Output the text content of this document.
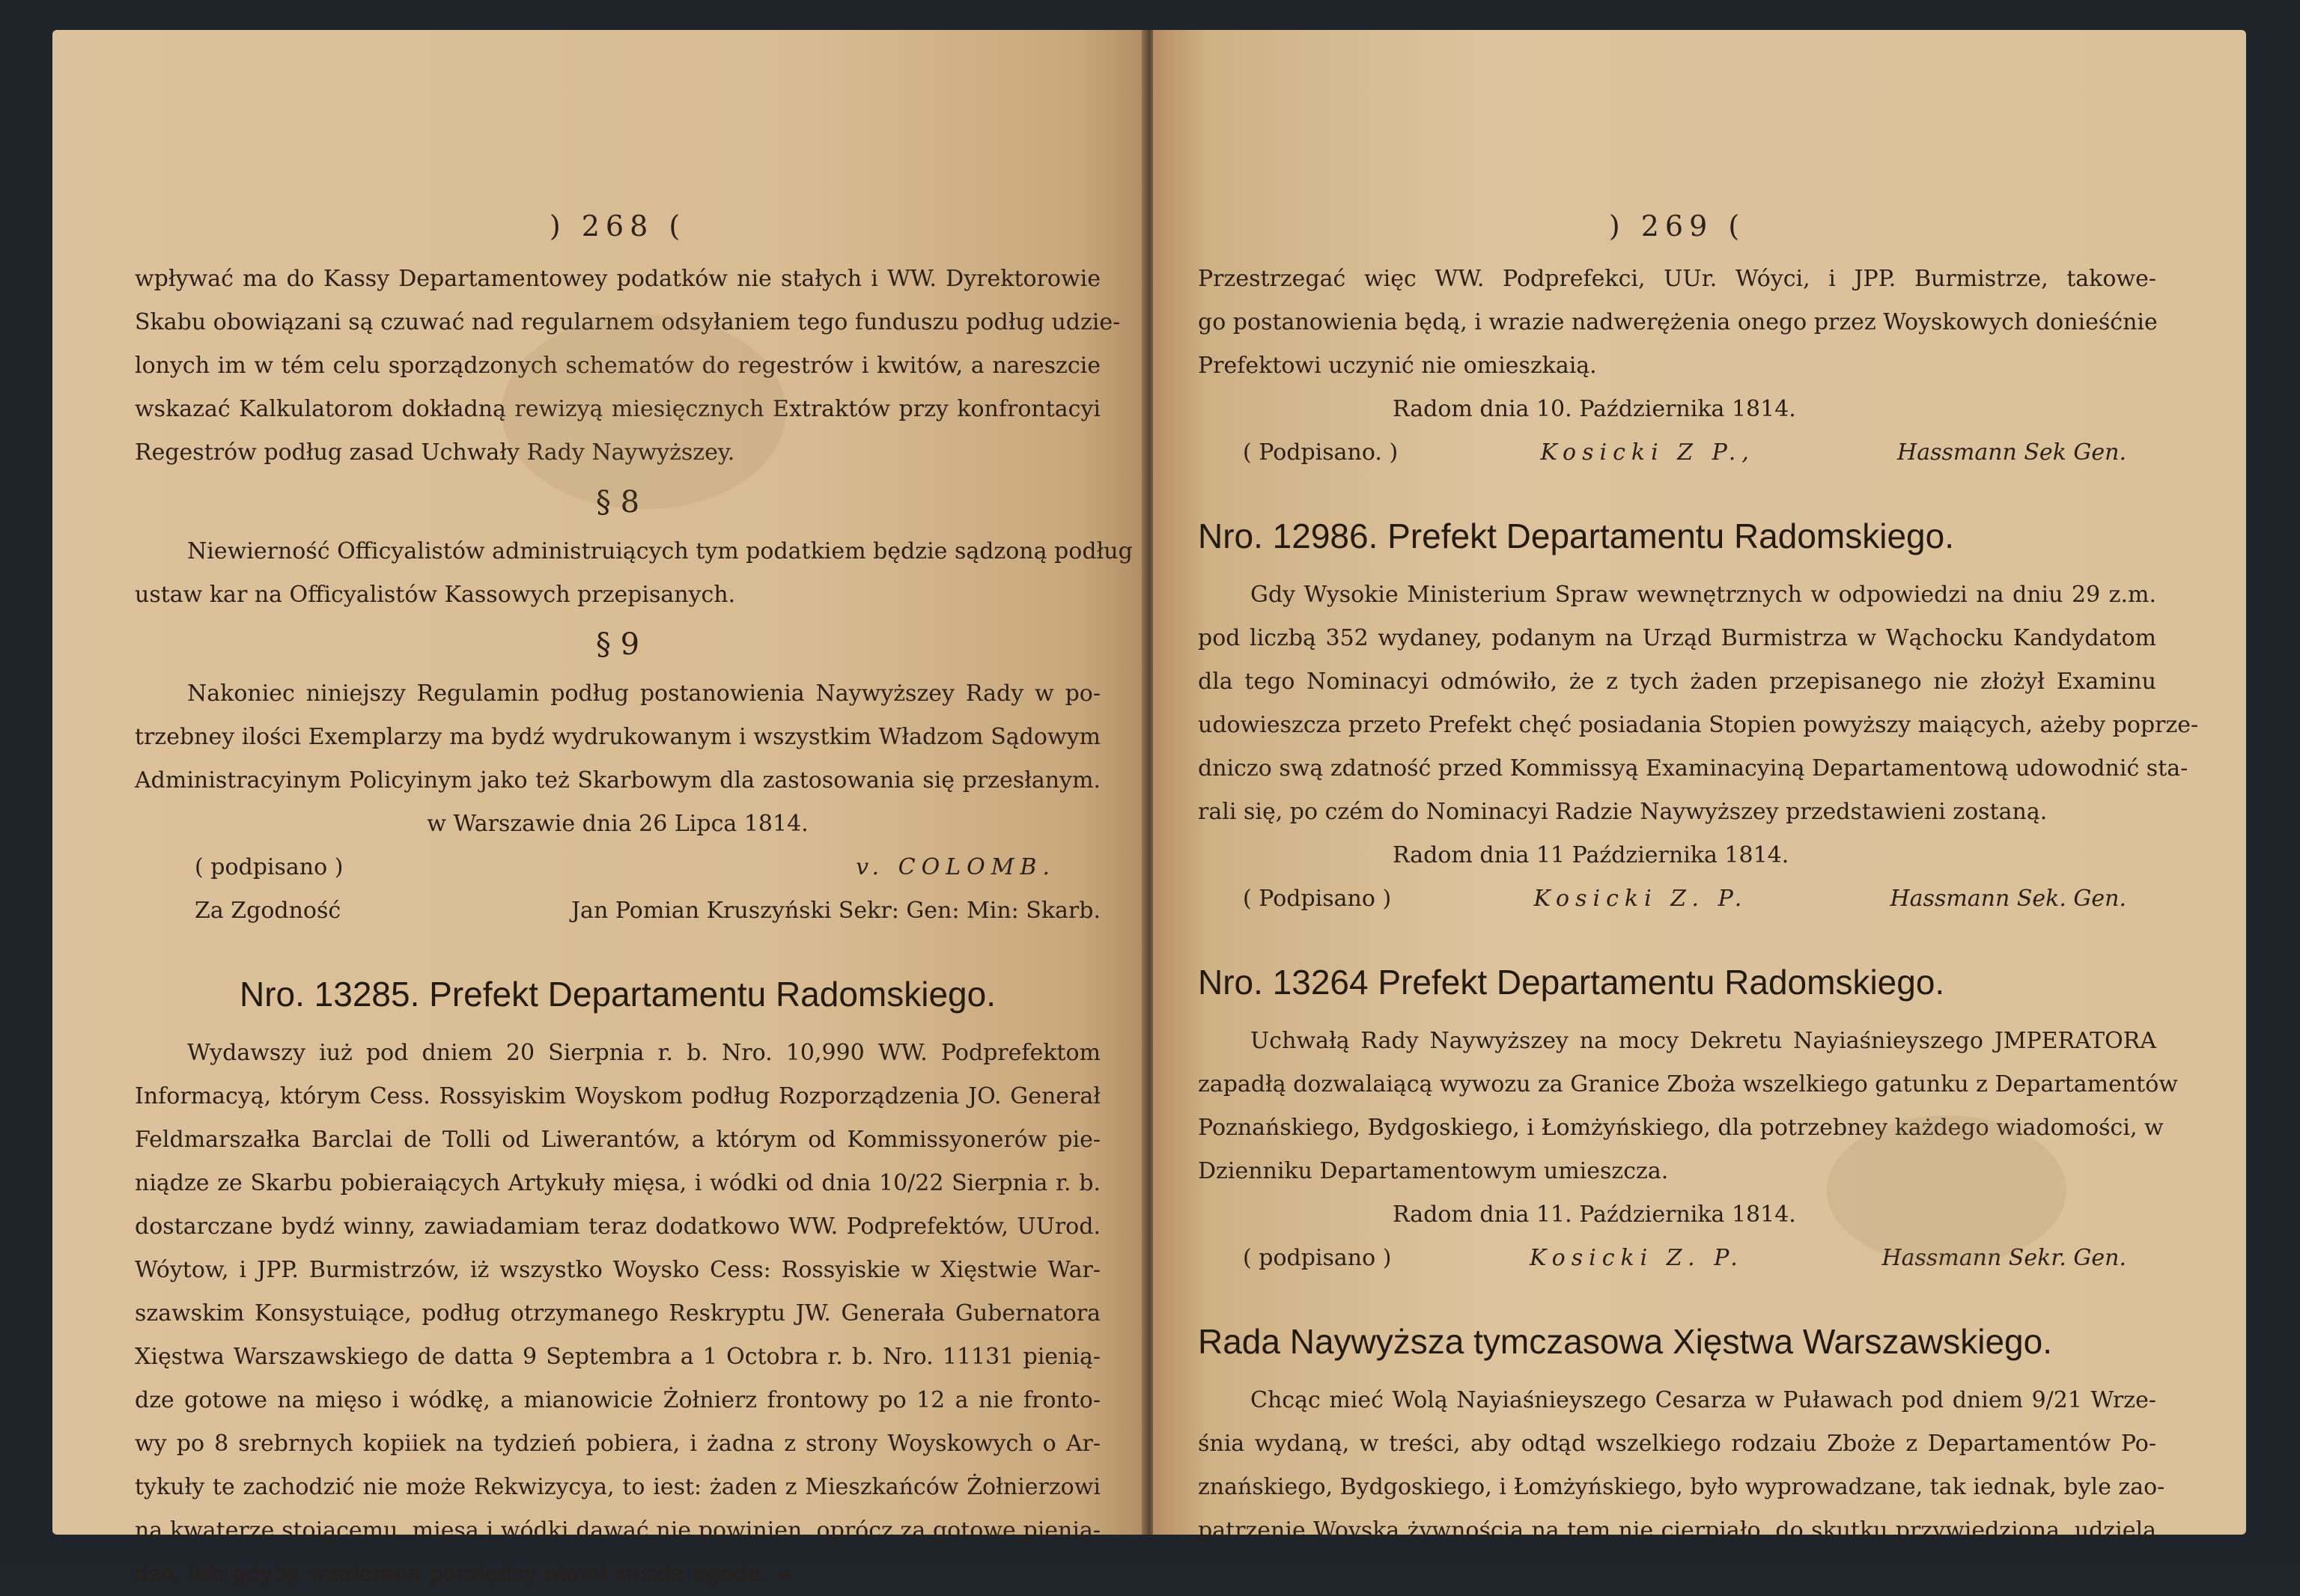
) 268 (
wpływać ma do Kassy Departamentowey podatków nie stałych i WW. Dyrektorowie
Skabu obowiązani są czuwać nad regularnem odsyłaniem tego funduszu podług udzie-
lonych im w tém celu sporządzonych schematów do regestrów i kwitów, a nareszcie
wskazać Kalkulatorom dokładną rewizyą miesięcznych Extraktów przy konfrontacyi
Regestrów podług zasad Uchwały Rady Naywyższey.
§ 8
Niewierność Officyalistów administruiących tym podatkiem będzie sądzoną podług
ustaw kar na Officyalistów Kassowych przepisanych.
§ 9
Nakoniec niniejszy Regulamin podług postanowienia Naywyższey Rady w po-
trzebney ilości Exemplarzy ma bydź wydrukowanym i wszystkim Władzom Sądowym
Administracyinym Policyinym jako też Skarbowym dla zastosowania się przesłanym.
w Warszawie dnia 26 Lipca 1814.
( podpisano )	v. COLOMB.
Za Zgodność	Jan Pomian Kruszyński Sekr: Gen: Min: Skarb.
Nro. 13285. Prefekt Departamentu Radomskiego.
Wydawszy iuż pod dniem 20 Sierpnia r. b. Nro. 10,990 WW. Podprefektom
Informacyą, którym Cess. Rossyiskim Woyskom podług Rozporządzenia JO. Generał
Feldmarszałka Barclai de Tolli od Liwerantów, a którym od Kommissyonerów pie-
niądze ze Skarbu pobieraiących Artykuły mięsa, i wódki od dnia 10/22 Sierpnia r. b.
dostarczane bydź winny, zawiadamiam teraz dodatkowo WW. Podprefektów, UUrod.
Wóytow, i JPP. Burmistrzów, iż wszystko Woysko Cess: Rossyiskie w Xięstwie War-
szawskim Konsystuiące, podług otrzymanego Reskryptu JW. Generała Gubernatora
Xięstwa Warszawskiego de datta 9 Septembra a 1 Octobra r. b. Nro. 11131 pienią-
dze gotowe na mięso i wódkę, a mianowicie Żołnierz frontowy po 12 a nie fronto-
wy po 8 srebrnych kopiiek na tydzień pobiera, i żadna z strony Woyskowych o Ar-
tykuły te zachodzić nie może Rekwizycya, to iest: żaden z Mieszkańców Żołnierzowi
na kwaterze stoiącemu, mięsa i wódki dawać nie powinien, oprócz za gotowe pienią-
dze, lub gdyby wzaiemna pomiędzy niemi zaszła ugoda. =
) 269 (
Przestrzegać więc WW. Podprefekci, UUr. Wóyci, i JPP. Burmistrze, takowe-
go postanowienia będą, i wrazie nadwerężenia onego przez Woyskowych donieśćnie
Prefektowi uczynić nie omieszkaią.
Radom dnia 10. Października 1814.
( Podpisano. )	Kosicki Z P.,	Hassmann Sek Gen.
Nro. 12986. Prefekt Departamentu Radomskiego.
Gdy Wysokie Ministerium Spraw wewnętrznych w odpowiedzi na dniu 29 z.m.
pod liczbą 352 wydaney, podanym na Urząd Burmistrza w Wąchocku Kandydatom
dla tego Nominacyi odmówiło, że z tych żaden przepisanego nie złożył Examinu
udowieszcza przeto Prefekt chęć posiadania Stopien powyższy maiących, ażeby poprze-
dniczo swą zdatność przed Kommissyą Examinacyiną Departamentową udowodnić sta-
rali się, po czém do Nominacyi Radzie Naywyższey przedstawieni zostaną.
Radom dnia 11 Października 1814.
( Podpisano )	Kosicki Z. P.	Hassmann Sek. Gen.
Nro. 13264 Prefekt Departamentu Radomskiego.
Uchwałą Rady Naywyższey na mocy Dekretu Nayiaśnieyszego JMPERATORA
zapadłą dozwalaiącą wywozu za Granice Zboża wszelkiego gatunku z Departamentów
Poznańskiego, Bydgoskiego, i Łomżyńskiego, dla potrzebney każdego wiadomości, w
Dzienniku Departamentowym umieszcza.
Radom dnia 11. Października 1814.
( podpisano )	Kosicki Z. P.	Hassmann Sekr. Gen.
Rada Naywyższa tymczasowa Xięstwa Warszawskiego.
Chcąc mieć Wolą Nayiaśnieyszego Cesarza w Puławach pod dniem 9/21 Wrze-
śnia wydaną, w treści, aby odtąd wszelkiego rodzaiu Zboże z Departamentów Po-
znańskiego, Bydgoskiego, i Łomżyńskiego, było wyprowadzane, tak iednak, byle zao-
patrzenie Woyska żywnością na tem nie cierpiało, do skutku przywiedzioną, udziela
